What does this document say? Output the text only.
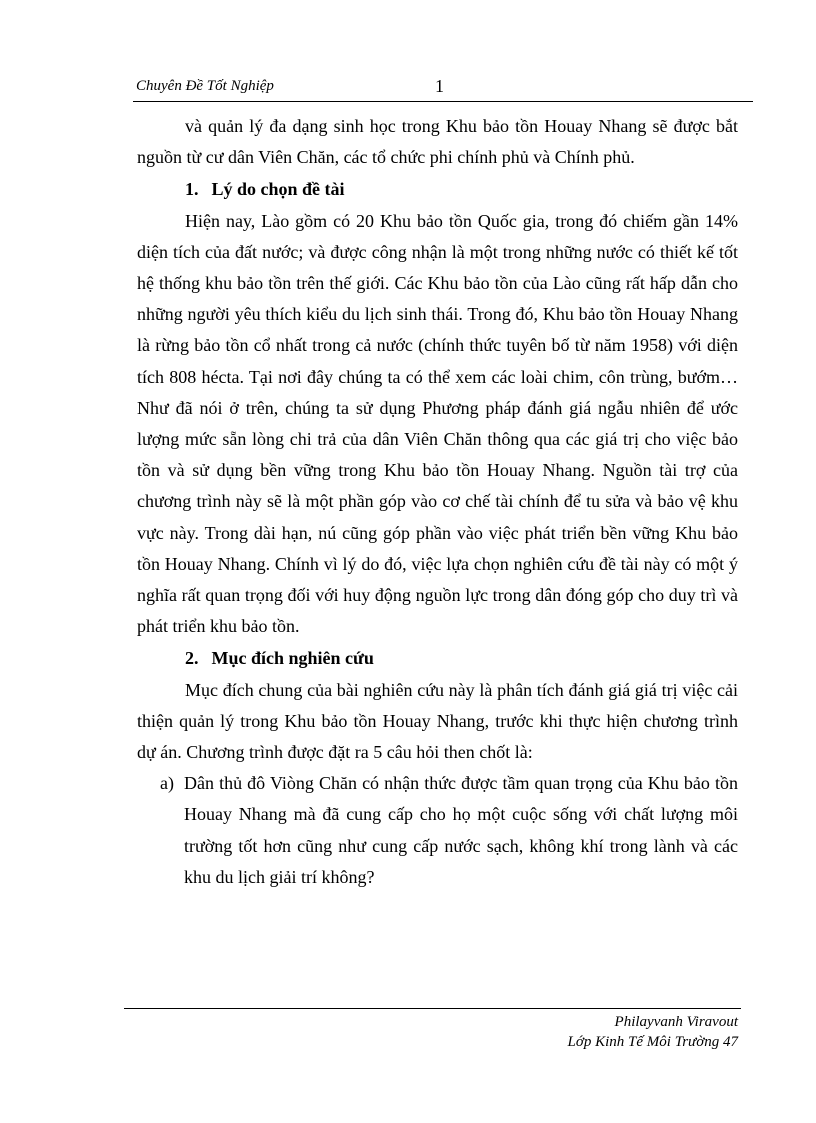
Chuyên Đề Tốt Nghiệp	1

và quản lý đa dạng sinh học trong Khu bảo tồn Houay Nhang sẽ được bắt nguồn từ cư dân Viên Chăn, các tổ chức phi chính phủ và Chính phủ.

1. Lý do chọn đề tài

Hiện nay, Lào gồm có 20 Khu bảo tồn Quốc gia, trong đó chiếm gần 14% diện tích của đất nước; và được công nhận là một trong những nước có thiết kế tốt hệ thống khu bảo tồn trên thế giới. Các Khu bảo tồn của Lào cũng rất hấp dẫn cho những người yêu thích kiểu du lịch sinh thái. Trong đó, Khu bảo tồn Houay Nhang là rừng bảo tồn cổ nhất trong cả nước (chính thức tuyên bố từ năm 1958) với diện tích 808 hécta. Tại nơi đây chúng ta có thể xem các loài chim, côn trùng, bướm…Như đã nói ở trên, chúng ta sử dụng Phương pháp đánh giá ngẫu nhiên để ước lượng mức sẵn lòng chi trả của dân Viên Chăn thông qua các giá trị cho việc bảo tồn và sử dụng bền vững trong Khu bảo tồn Houay Nhang. Nguồn tài trợ của chương trình này sẽ là một phần góp vào cơ chế tài chính để tu sửa và bảo vệ khu vực này. Trong dài hạn, nú cũng góp phần vào việc phát triển bền vững Khu bảo tồn Houay Nhang. Chính vì lý do đó, việc lựa chọn nghiên cứu đề tài này có một ý nghĩa rất quan trọng đối với huy động nguồn lực trong dân đóng góp cho duy trì và phát triển khu bảo tồn.

2. Mục đích nghiên cứu

Mục đích chung của bài nghiên cứu này là phân tích đánh giá giá trị việc cải thiện quản lý trong Khu bảo tồn Houay Nhang, trước khi thực hiện chương trình dự án. Chương trình được đặt ra 5 câu hỏi then chốt là:

a) Dân thủ đô Viòng Chăn có nhận thức được tầm quan trọng của Khu bảo tồn Houay Nhang mà đã cung cấp cho họ một cuộc sống với chất lượng môi trường tốt hơn cũng như cung cấp nước sạch, không khí trong lành và các khu du lịch giải trí không?
Philayvanh Viravout
Lớp Kinh Tế Môi Trường 47
